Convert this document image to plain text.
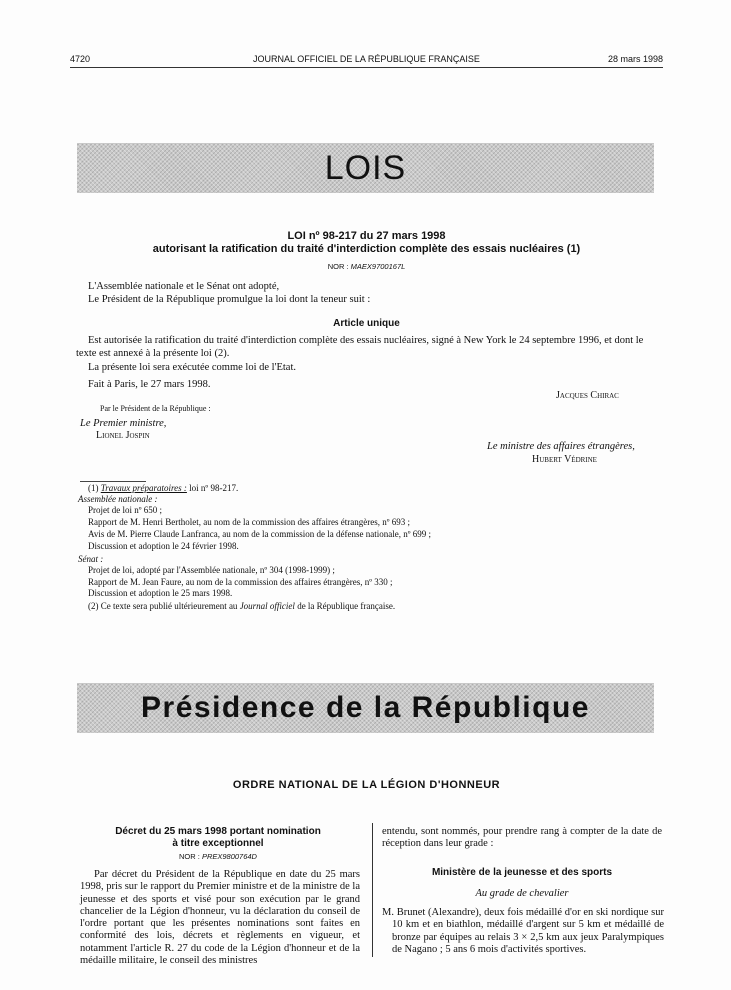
4720	JOURNAL OFFICIEL DE LA RÉPUBLIQUE FRANÇAISE	28 mars 1998
LOIS
LOI nº 98-217 du 27 mars 1998
autorisant la ratification du traité d'interdiction complète des essais nucléaires (1)
NOR : MAEX9700167L
L'Assemblée nationale et le Sénat ont adopté,
Le Président de la République promulgue la loi dont la teneur suit :
Article unique
Est autorisée la ratification du traité d'interdiction complète des essais nucléaires, signé à New York le 24 septembre 1996, et dont le texte est annexé à la présente loi (2).
La présente loi sera exécutée comme loi de l'Etat.
Fait à Paris, le 27 mars 1998.
Jacques Chirac
Par le Président de la République :
Le Premier ministre,
Lionel Jospin
Le ministre des affaires étrangères,
Hubert Védrine
(1) Travaux préparatoires : loi nº 98-217.
Assemblée nationale :
Projet de loi nº 650 ;
Rapport de M. Henri Bertholet, au nom de la commission des affaires étrangères, nº 693 ;
Avis de M. Pierre Claude Lanfranca, au nom de la commission de la défense nationale, nº 699 ;
Discussion et adoption le 24 février 1998.
Sénat :
Projet de loi, adopté par l'Assemblée nationale, nº 304 (1998-1999) ;
Rapport de M. Jean Faure, au nom de la commission des affaires étrangères, nº 330 ;
Discussion et adoption le 25 mars 1998.
(2) Ce texte sera publié ultérieurement au Journal officiel de la République française.
Présidence de la République
ORDRE NATIONAL DE LA LÉGION D'HONNEUR
Décret du 25 mars 1998 portant nomination
à titre exceptionnel
NOR : PREX9800764D
Par décret du Président de la République en date du 25 mars 1998, pris sur le rapport du Premier ministre et de la ministre de la jeunesse et des sports et visé pour son exécution par le grand chancelier de la Légion d'honneur, vu la déclaration du conseil de l'ordre portant que les présentes nominations sont faites en conformité des lois, décrets et règlements en vigueur, et notamment l'article R. 27 du code de la Légion d'honneur et de la médaille militaire, le conseil des ministres
entendu, sont nommés, pour prendre rang à compter de la date de réception dans leur grade :
Ministère de la jeunesse et des sports
Au grade de chevalier
M. Brunet (Alexandre), deux fois médaillé d'or en ski nordique sur 10 km et en biathlon, médaillé d'argent sur 5 km et médaillé de bronze par équipes au relais 3 × 2,5 km aux jeux Paralympiques de Nagano ; 5 ans 6 mois d'activités sportives.
